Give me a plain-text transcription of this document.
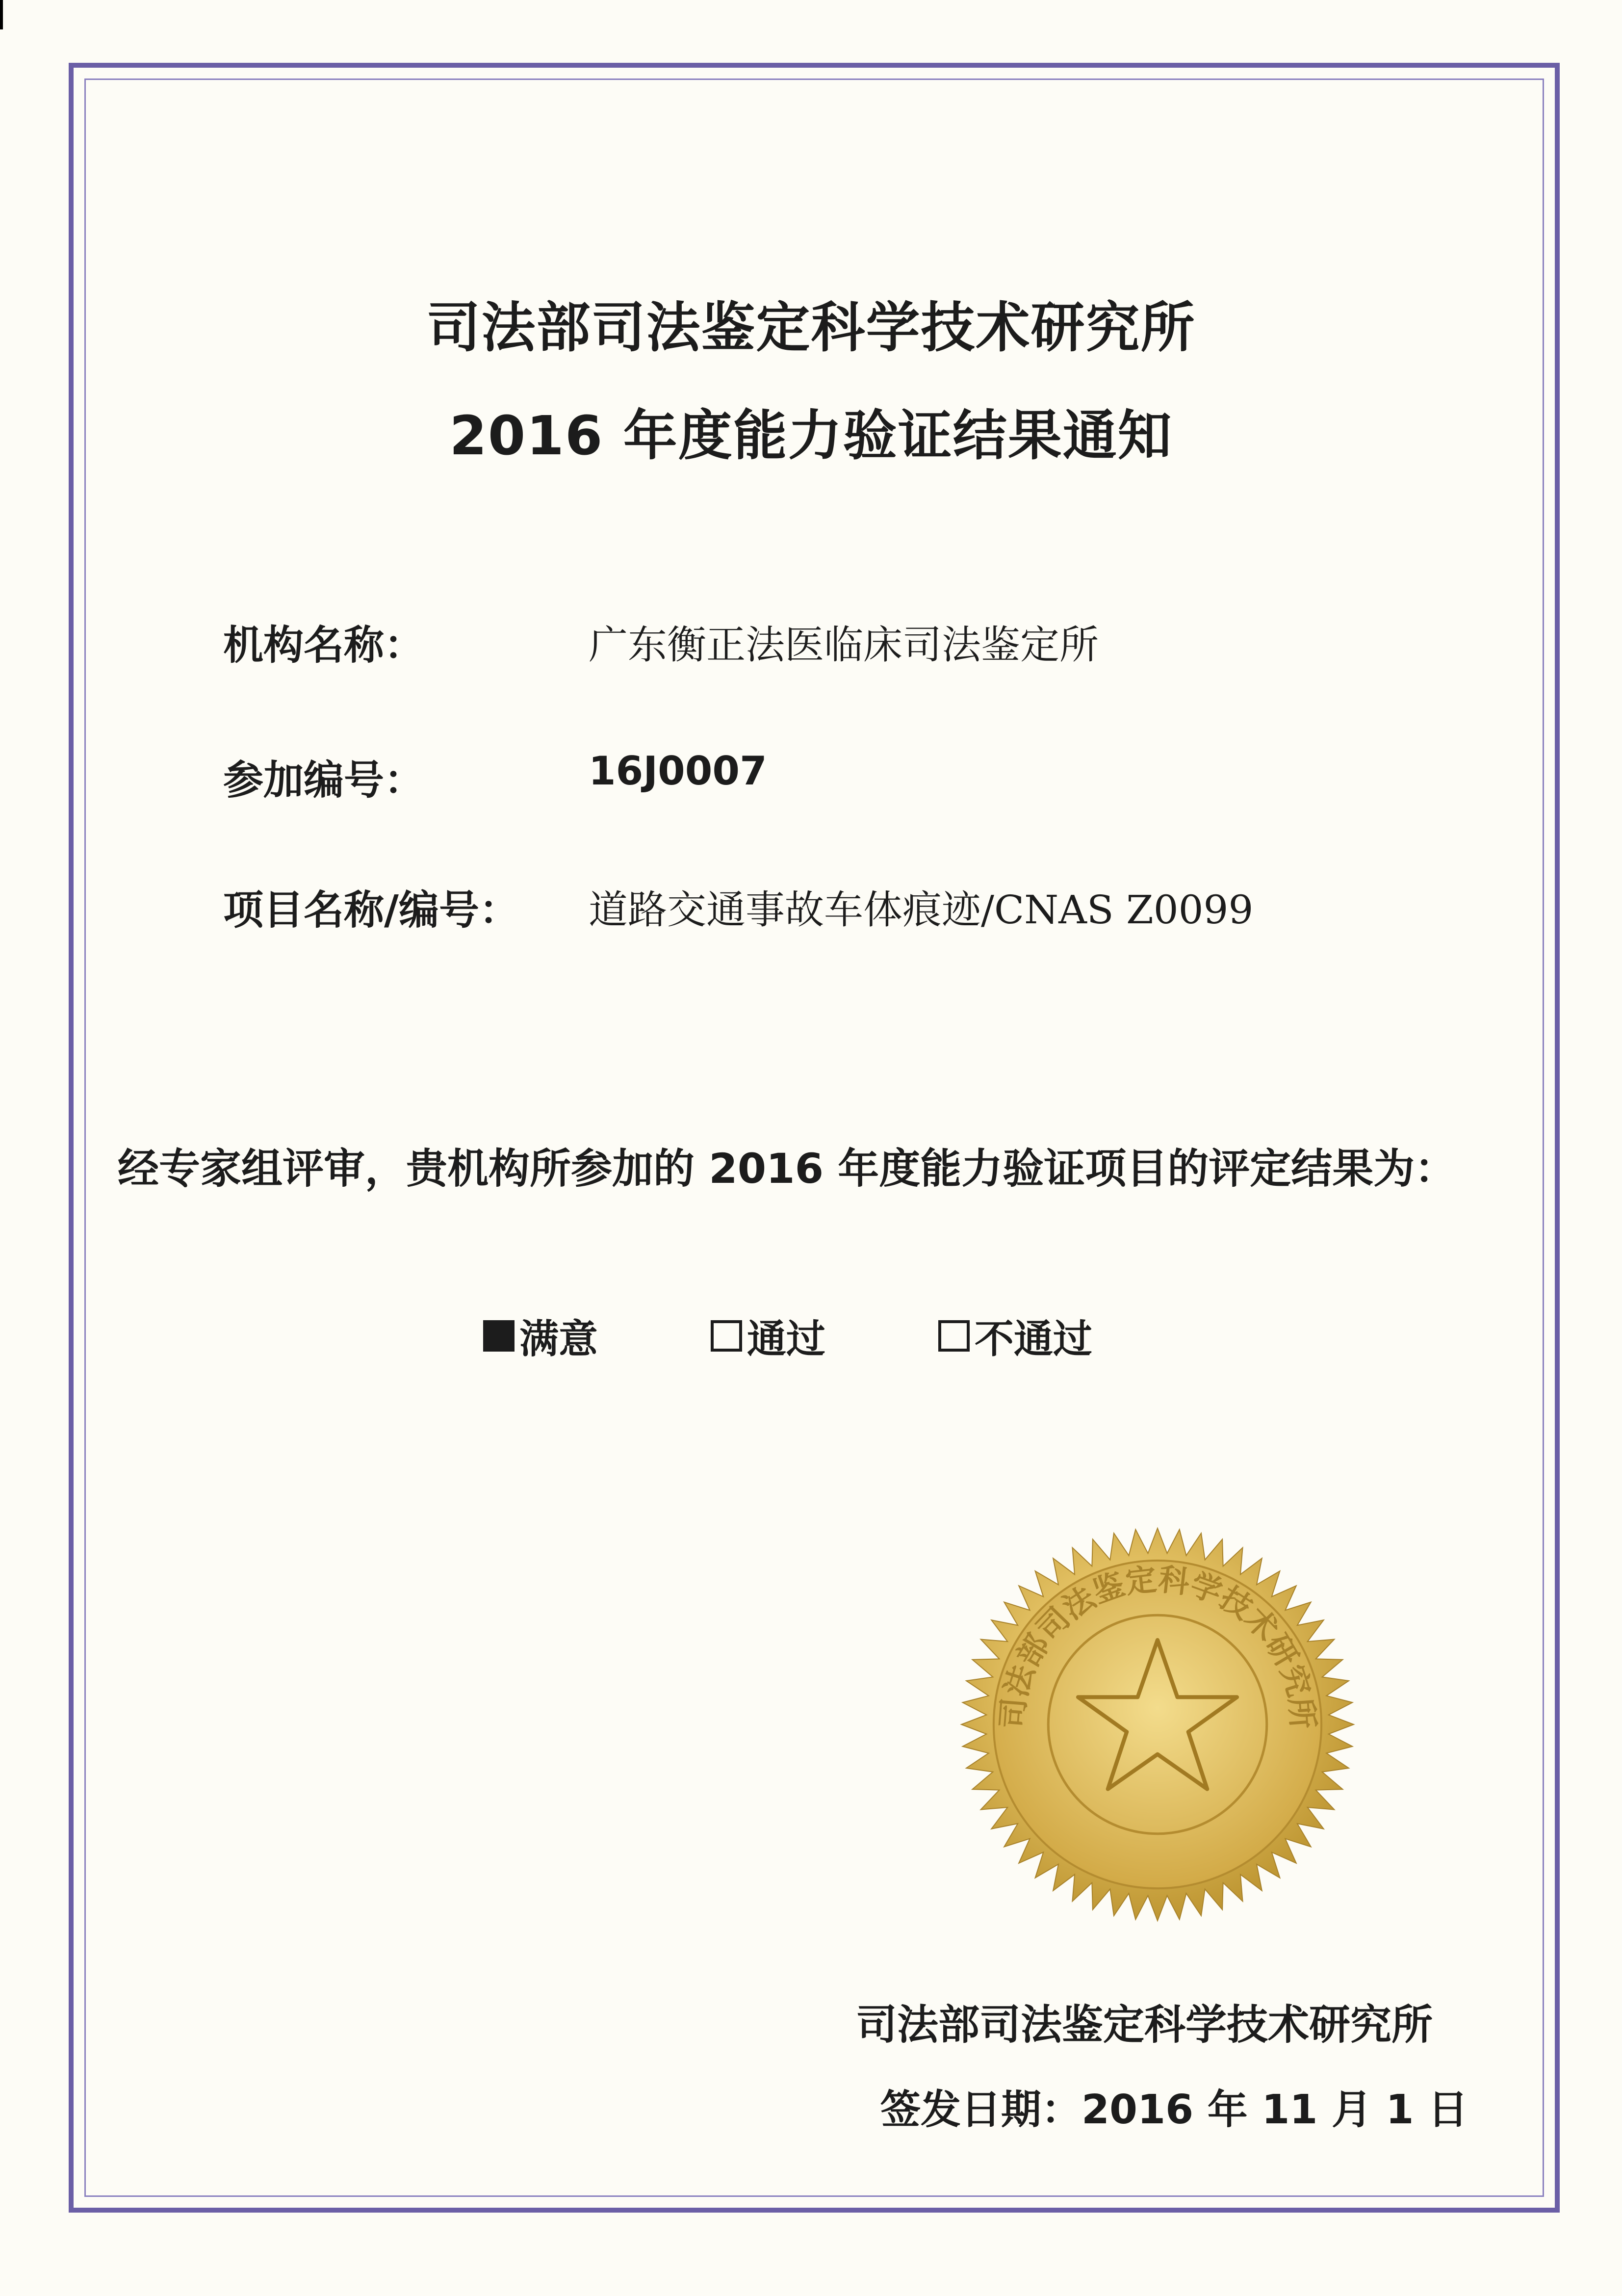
司法部司法鉴定科学技术研究所
2016 年度能力验证结果通知
机构名称：	广东衡正法医临床司法鉴定所
参加编号：	16J0007
项目名称/编号： 道路交通事故车体痕迹/CNAS Z0099
经专家组评审，贵机构所参加的 2016 年度能力验证项目的评定结果为：
满意	通过	不通过
司法部司法鉴定科学技术研究所
司法部司法鉴定科学技术研究所
签发日期：2016 年 11 月 1 日
